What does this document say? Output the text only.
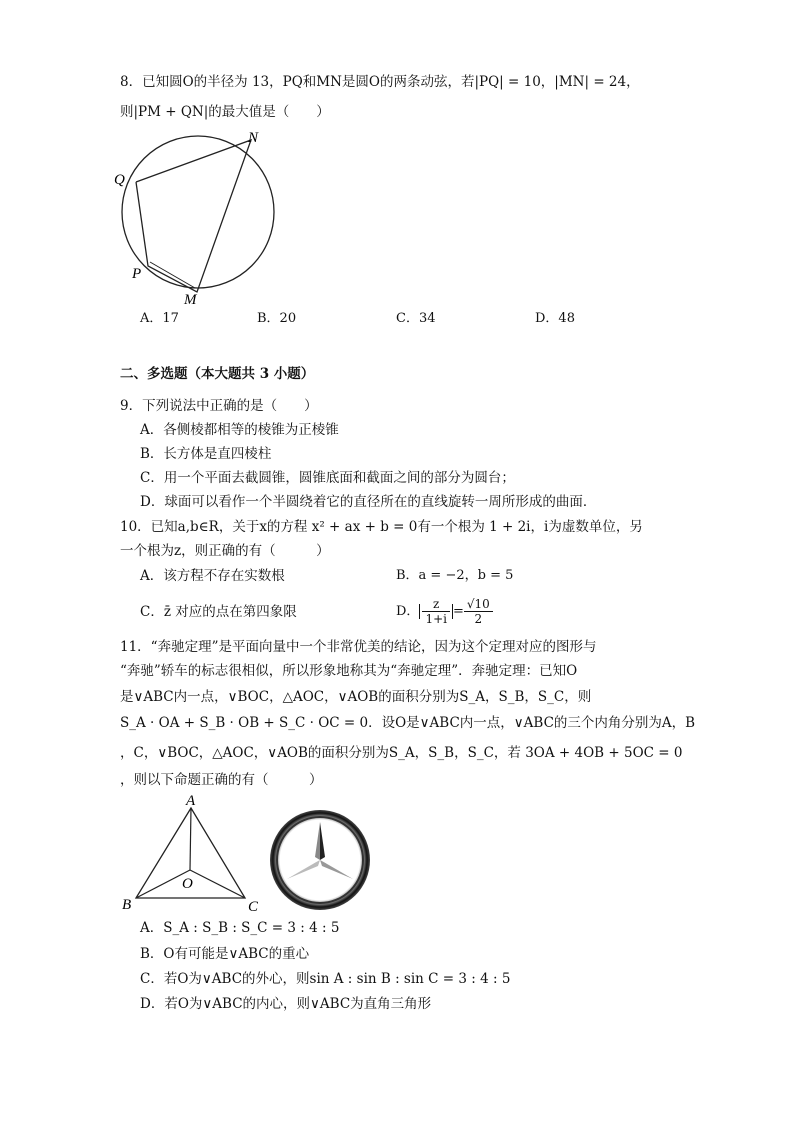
8．已知圆O的半径为 13，PQ和MN是圆O的两条动弦，若|PQ| = 10，|MN| = 24，
则|PM + QN|的最大值是（　　）
Q
N
P
M
A．17	B．20	C．34	D．48
二、多选题（本大题共 3 小题）
9．下列说法中正确的是（　　）
A．各侧棱都相等的棱锥为正棱锥
B．长方体是直四棱柱
C．用一个平面去截圆锥，圆锥底面和截面之间的部分为圆台；
D．球面可以看作一个半圆绕着它的直径所在的直线旋转一周所形成的曲面．
10．已知a,b∈R，关于x的方程 x² + ax + b = 0有一个根为 1 + 2i，i为虚数单位，另
一个根为z，则正确的有（　　　）
A．该方程不存在实数根	B．a = −2，b = 5
C．z̄ 对应的点在第四象限	D． $\frac{z}{1+i} = \frac{√10}{2}$
11．“奔驰定理”是平面向量中一个非常优美的结论，因为这个定理对应的图形与
“奔驰”轿车的标志很相似，所以形象地称其为“奔驰定理”．奔驰定理：已知O
是∨ABC内一点，∨BOC，△AOC，∨AOB的面积分别为S_A，S_B，S_C，则
S_A · OA + S_B · OB + S_C · OC = 0．设O是∨ABC内一点，∨ABC的三个内角分别为A，B
，C，∨BOC，△AOC，∨AOB的面积分别为S_A，S_B，S_C，若 3OA + 4OB + 5OC = 0
，则以下命题正确的有（　　　）
A
B	C
O
A．S_A : S_B : S_C = 3 : 4 : 5
B．O有可能是∨ABC的重心
C．若O为∨ABC的外心，则sin A : sin B : sin C = 3 : 4 : 5
D．若O为∨ABC的内心，则∨ABC为直角三角形
